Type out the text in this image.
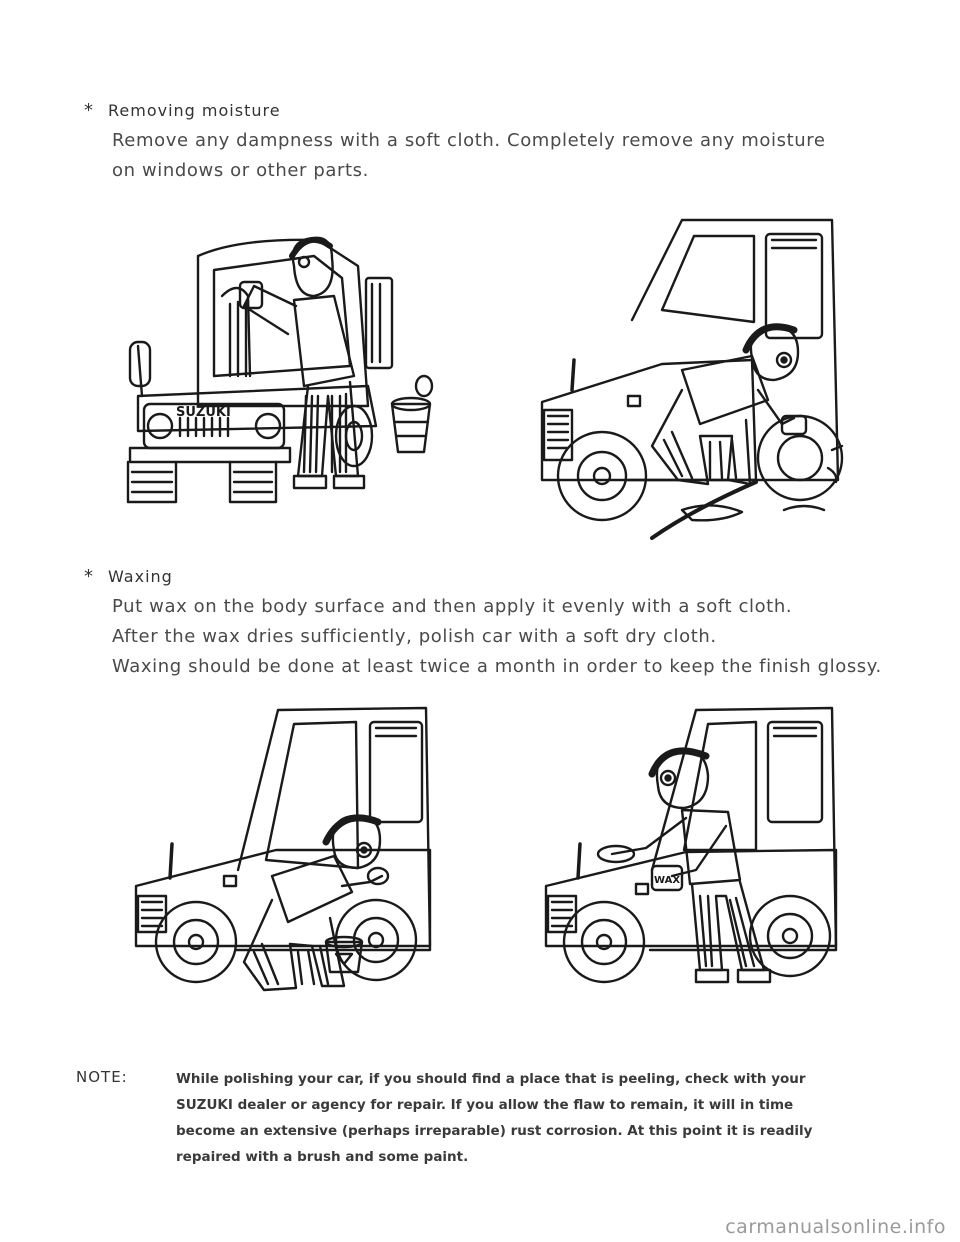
* Removing moisture

Remove any dampness with a soft cloth. Completely remove any moisture
on windows or other parts.

SUZUKI
* Waxing

Put wax on the body surface and then apply it evenly with a soft cloth.
After the wax dries sufficiently, polish car with a soft dry cloth.
Waxing should be done at least twice a month in order to keep the finish glossy.

WAX
NOTE:	While polishing your car, if you should find a place that is peeling, check with your
SUZUKI dealer or agency for repair. If you allow the flaw to remain, it will in time
become an extensive (perhaps irreparable) rust corrosion. At this point it is readily
repaired with a brush and some paint.

carmanualsonline.info
